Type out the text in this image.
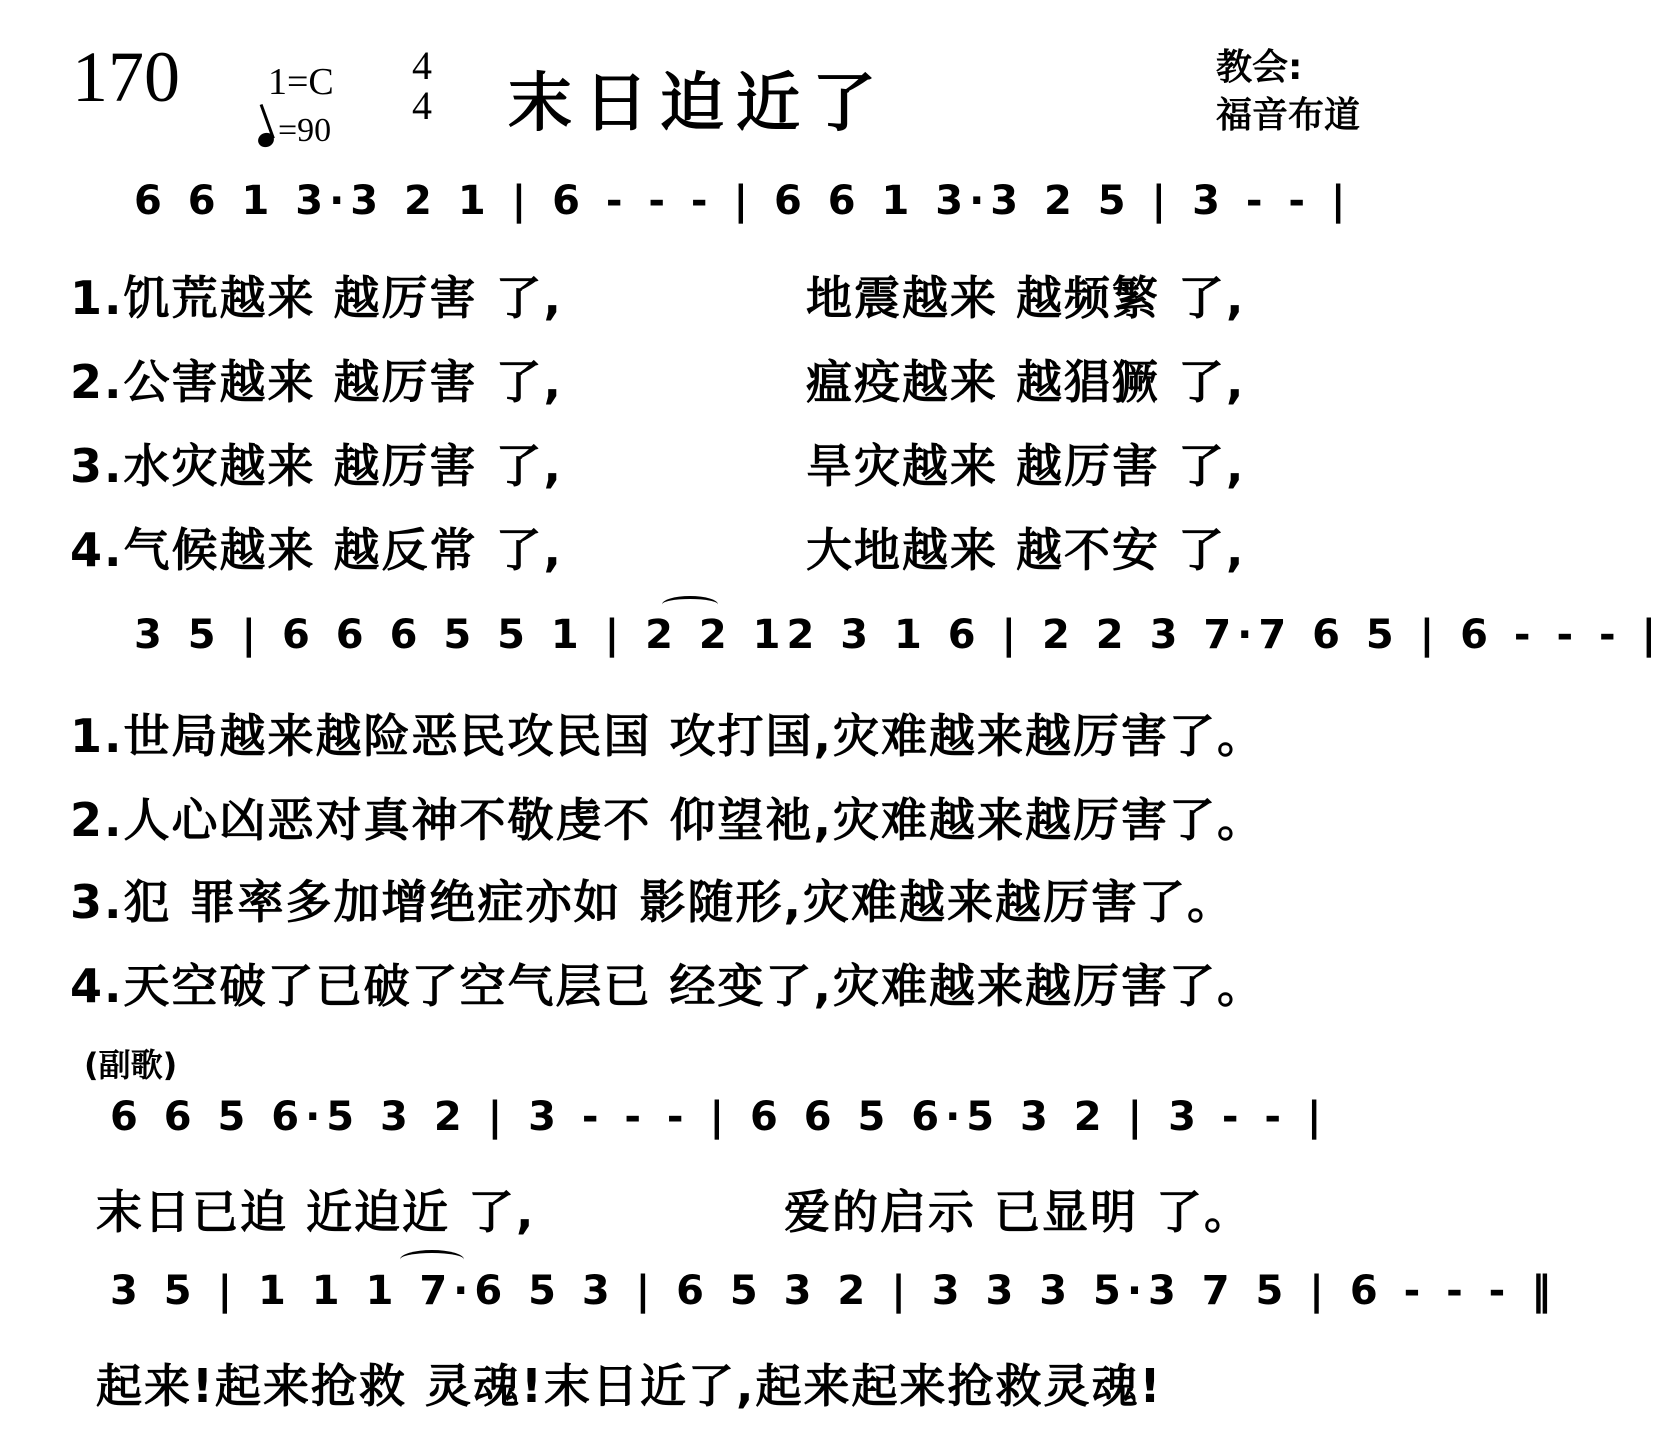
170 1=C
=90
4
4 末日迫近了	教会:
福音布道
6 6 1 3·3 2 1 | 6 - - - | 6 6 1 3·3 2 5 | 3 - - |
1.饥荒越来 越厉害 了,	地震越来 越频繁 了,
2.公害越来 越厉害 了,	瘟疫越来 越猖獗 了,
3.水灾越来 越厉害 了,	旱灾越来 越厉害 了,
4.气候越来 越反常 了,	大地越来 越不安 了,
3 5 | 6 6 6 5 5 1 | 2 2 12 3 1 6 | 2 2 3 7·7 6 5 | 6 - - - |
1.世局越来越险恶民攻民国 攻打国,灾难越来越厉害了。
2.人心凶恶对真神不敬虔不 仰望祂,灾难越来越厉害了。
3.犯 罪率多加增绝症亦如 影随形,灾难越来越厉害了。
4.天空破了已破了空气层已 经变了,灾难越来越厉害了。
(副歌)
6 6 5 6·5 3 2 | 3 - - - | 6 6 5 6·5 3 2 | 3 - - |
末日已迫 近迫近 了,	爱的启示 已显明 了。
3 5 | 1 1 1 7·6 5 3 | 6 5 3 2 | 3 3 3 5·3 7 5 | 6 - - - ‖
起来!起来抢救 灵魂!末日近了,起来起来抢救灵魂!
